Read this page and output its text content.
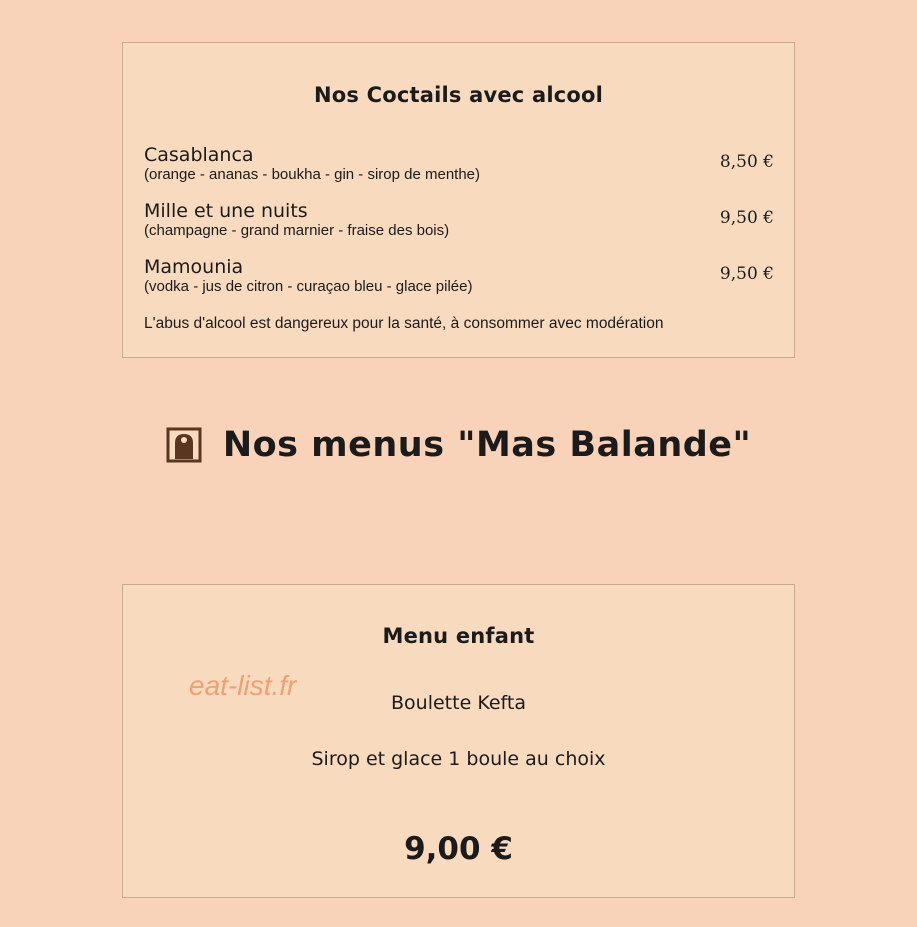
Nos Coctails avec alcool
Casablanca
(orange - ananas - boukha - gin - sirop de menthe)
8,50 €
Mille et une nuits
(champagne - grand marnier - fraise des bois)
9,50 €
Mamounia
(vodka - jus de citron - curaçao bleu - glace pilée)
9,50 €
L'abus d'alcool est dangereux pour la santé, à consommer avec modération
Nos menus "Mas Balande"
Menu enfant
eat-list.fr
Boulette Kefta
Sirop et glace 1 boule au choix
9,00 €
